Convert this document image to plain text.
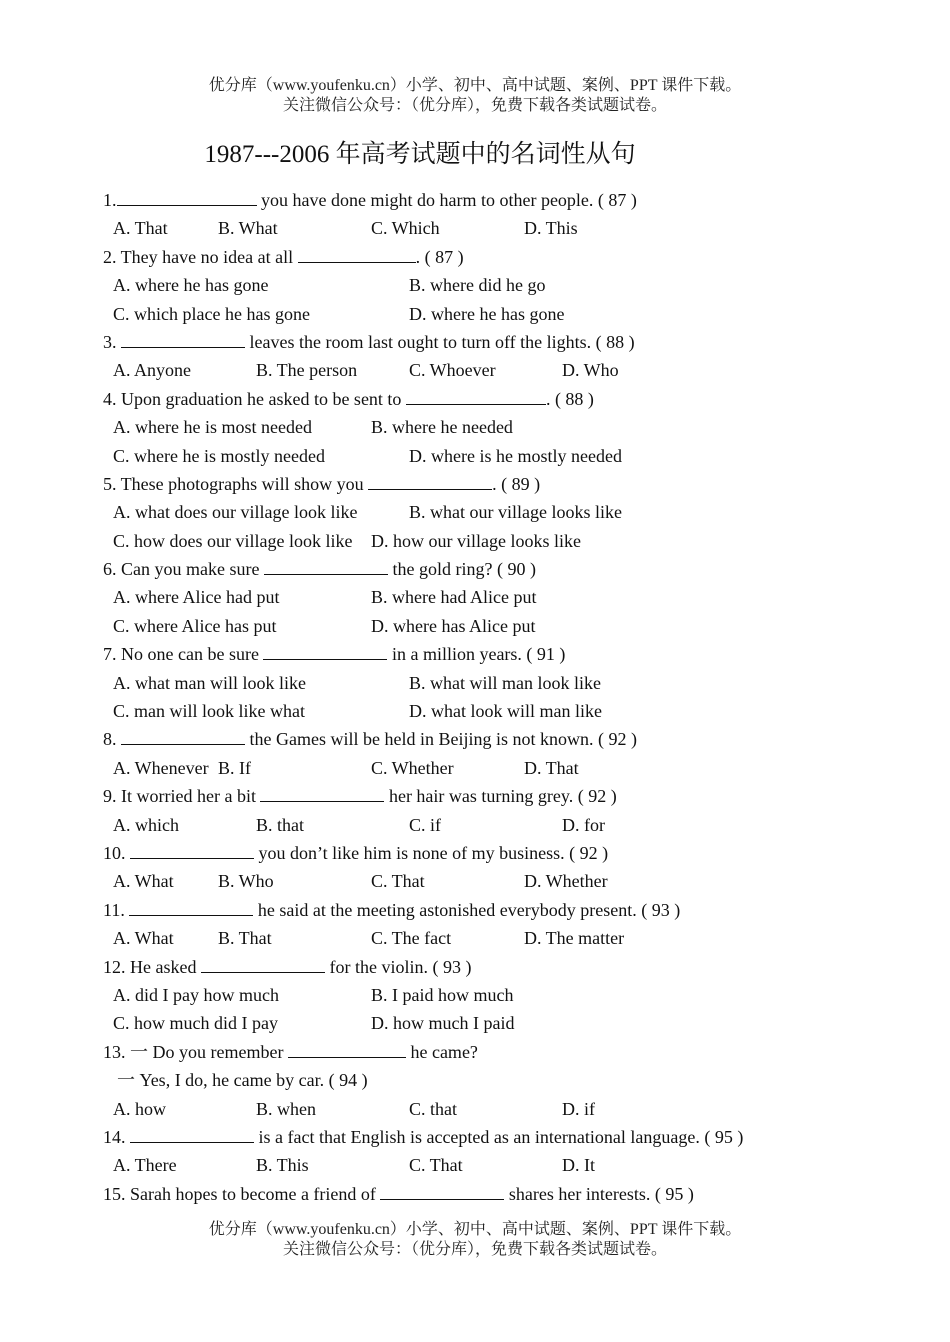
优分库（www.youfenku.cn）小学、初中、高中试题、案例、PPT 课件下载。
关注微信公众号：（优分库），免费下载各类试题试卷。
1987---2006 年高考试题中的名词性从句
1.	you have done might do harm to other people. ( 87 )
A. That	B. What	C. Which	D. This
2. They have no idea at all	. ( 87 )
A. where he has gone	B. where did he go
C. which place he has gone	D. where he has gone
3.	leaves the room last ought to turn off the lights. ( 88 )
A. Anyone	B. The person	C. Whoever	D. Who
4. Upon graduation he asked to be sent to	. ( 88 )
A. where he is most needed	B. where he needed
C. where he is mostly needed	D. where is he mostly needed
5. These photographs will show you	. ( 89 )
A. what does our village look like	B. what our village looks like
C. how does our village look like D. how our village looks like
6. Can you make sure	the gold ring? ( 90 )
A. where Alice had put	B. where had Alice put
C. where Alice has put	D. where has Alice put
7. No one can be sure	in a million years. ( 91 )
A. what man will look like	B. what will man look like
C. man will look like what	D. what look will man like
8.	the Games will be held in Beijing is not known. ( 92 )
A. Whenever B. If	C. Whether	D. That
9. It worried her a bit	her hair was turning grey. ( 92 )
A. which	B. that	C. if	D. for
10.	you don’t like him is none of my business. ( 92 )
A. What B. Who	C. That	D. Whether
11.	he said at the meeting astonished everybody present. ( 93 )
A. What B. That	C. The fact	D. The matter
12. He asked	for the violin. ( 93 )
A. did I pay how much	B. I paid how much
C. how much did I pay	D. how much I paid
13. 一 Do you remember	he came?
一 Yes, I do, he came by car. ( 94 )
A. how	B. when	C. that	D. if
14.	is a fact that English is accepted as an international language. ( 95 )
A. There	B. This	C. That	D. It
15. Sarah hopes to become a friend of	shares her interests. ( 95 )
优分库（www.youfenku.cn）小学、初中、高中试题、案例、PPT 课件下载。
关注微信公众号：（优分库），免费下载各类试题试卷。
